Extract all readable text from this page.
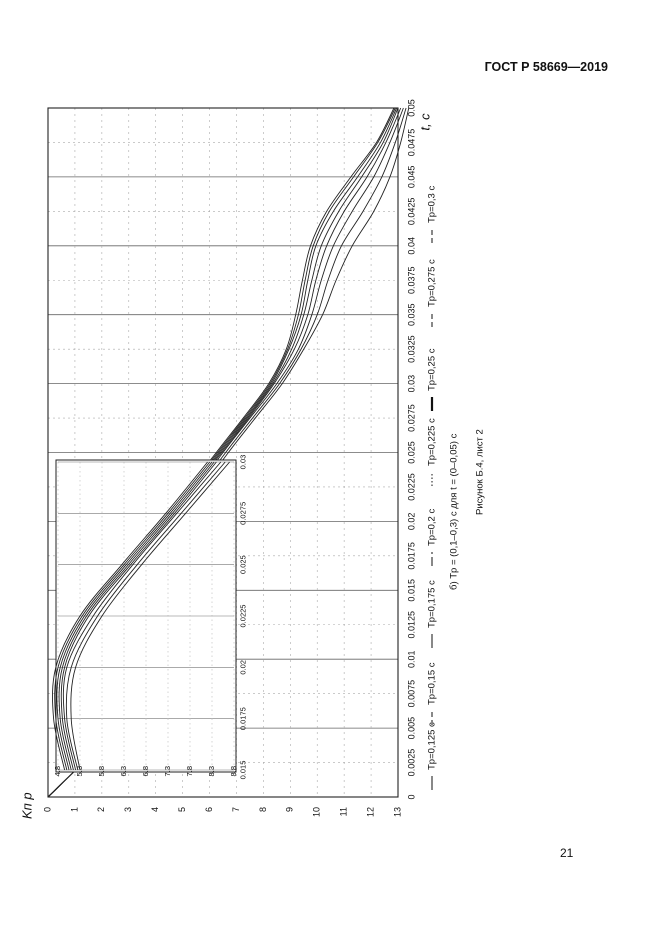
ГОСТ Р 58669—2019
0.015
0.0175
0.02
0.0225
0.025
0.0275
0.03
4.8 5.3 5.8 6.3 6.8 7.3 7.8 8.3 8.8
0
0.0025
0.005
0.0075
0.01
0.0125
0.015
0.0175
0.02
0.0225
0.025
0.0275
0.03
0.0325
0.035
0.0375
0.04
0.0425
0.045
0.0475
0.05
t, c
0 1 2 3 4 5 6 7 8 9 10 11 12 13
Kп р
Tр=0,125 c
Tр=0,15 c
Tр=0,175 c
Tр=0,2 c
Tр=0,225 c
Tр=0,25 c
Tр=0,275 c
Tр=0,3 c
б) Tр = (0,1–0,3) c для t = (0–0,05) c Рисунок Б.4, лист 2
21
